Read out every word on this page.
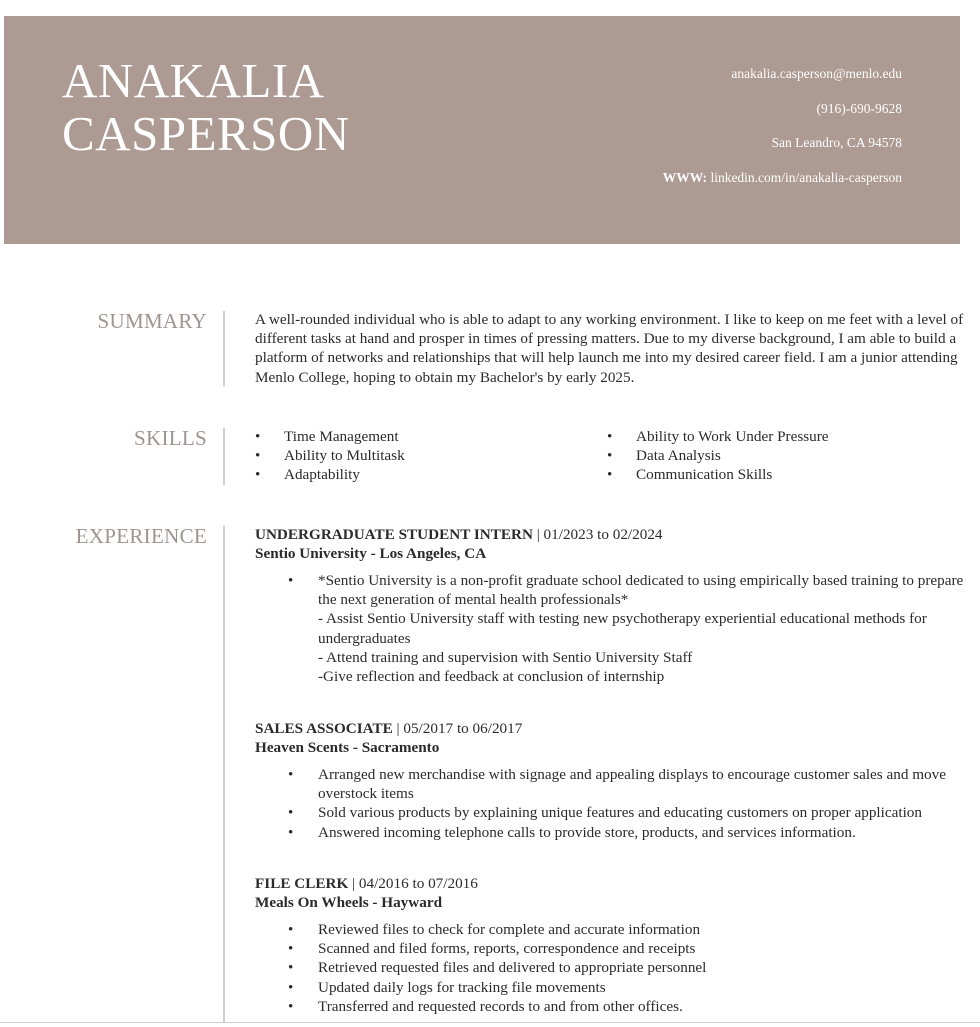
ANAKALIA
CASPERSON
anakalia.casperson@menlo.edu
(916)-690-9628
San Leandro, CA 94578
WWW: linkedin.com/in/anakalia-casperson
SUMMARY	A well-rounded individual who is able to adapt to any working environment. I like to keep on me feet with a level of different tasks at hand and prosper in times of pressing matters. Due to my diverse background, I am able to build a platform of networks and relationships that will help launch me into my desired career field. I am a junior attending Menlo College, hoping to obtain my Bachelor's by early 2025.
SKILLS
•	Time Management
• Ability to Multitask
• Adaptability
• Ability to Work Under Pressure
• Data Analysis
• Communication Skills
EXPERIENCE	UNDERGRADUATE STUDENT INTERN | 01/2023 to 02/2024
Sentio University - Los Angeles, CA
• *Sentio University is a non-profit graduate school dedicated to using empirically based training to prepare the next generation of mental health professionals*
- Assist Sentio University staff with testing new psychotherapy experiential educational methods for undergraduates
- Attend training and supervision with Sentio University Staff
-Give reflection and feedback at conclusion of internship
SALES ASSOCIATE | 05/2017 to 06/2017
Heaven Scents - Sacramento
• Arranged new merchandise with signage and appealing displays to encourage customer sales and move overstock items
• Sold various products by explaining unique features and educating customers on proper application
• Answered incoming telephone calls to provide store, products, and services information.
FILE CLERK | 04/2016 to 07/2016
Meals On Wheels - Hayward
• Reviewed files to check for complete and accurate information
• Scanned and filed forms, reports, correspondence and receipts
• Retrieved requested files and delivered to appropriate personnel
• Updated daily logs for tracking file movements
• Transferred and requested records to and from other offices.
